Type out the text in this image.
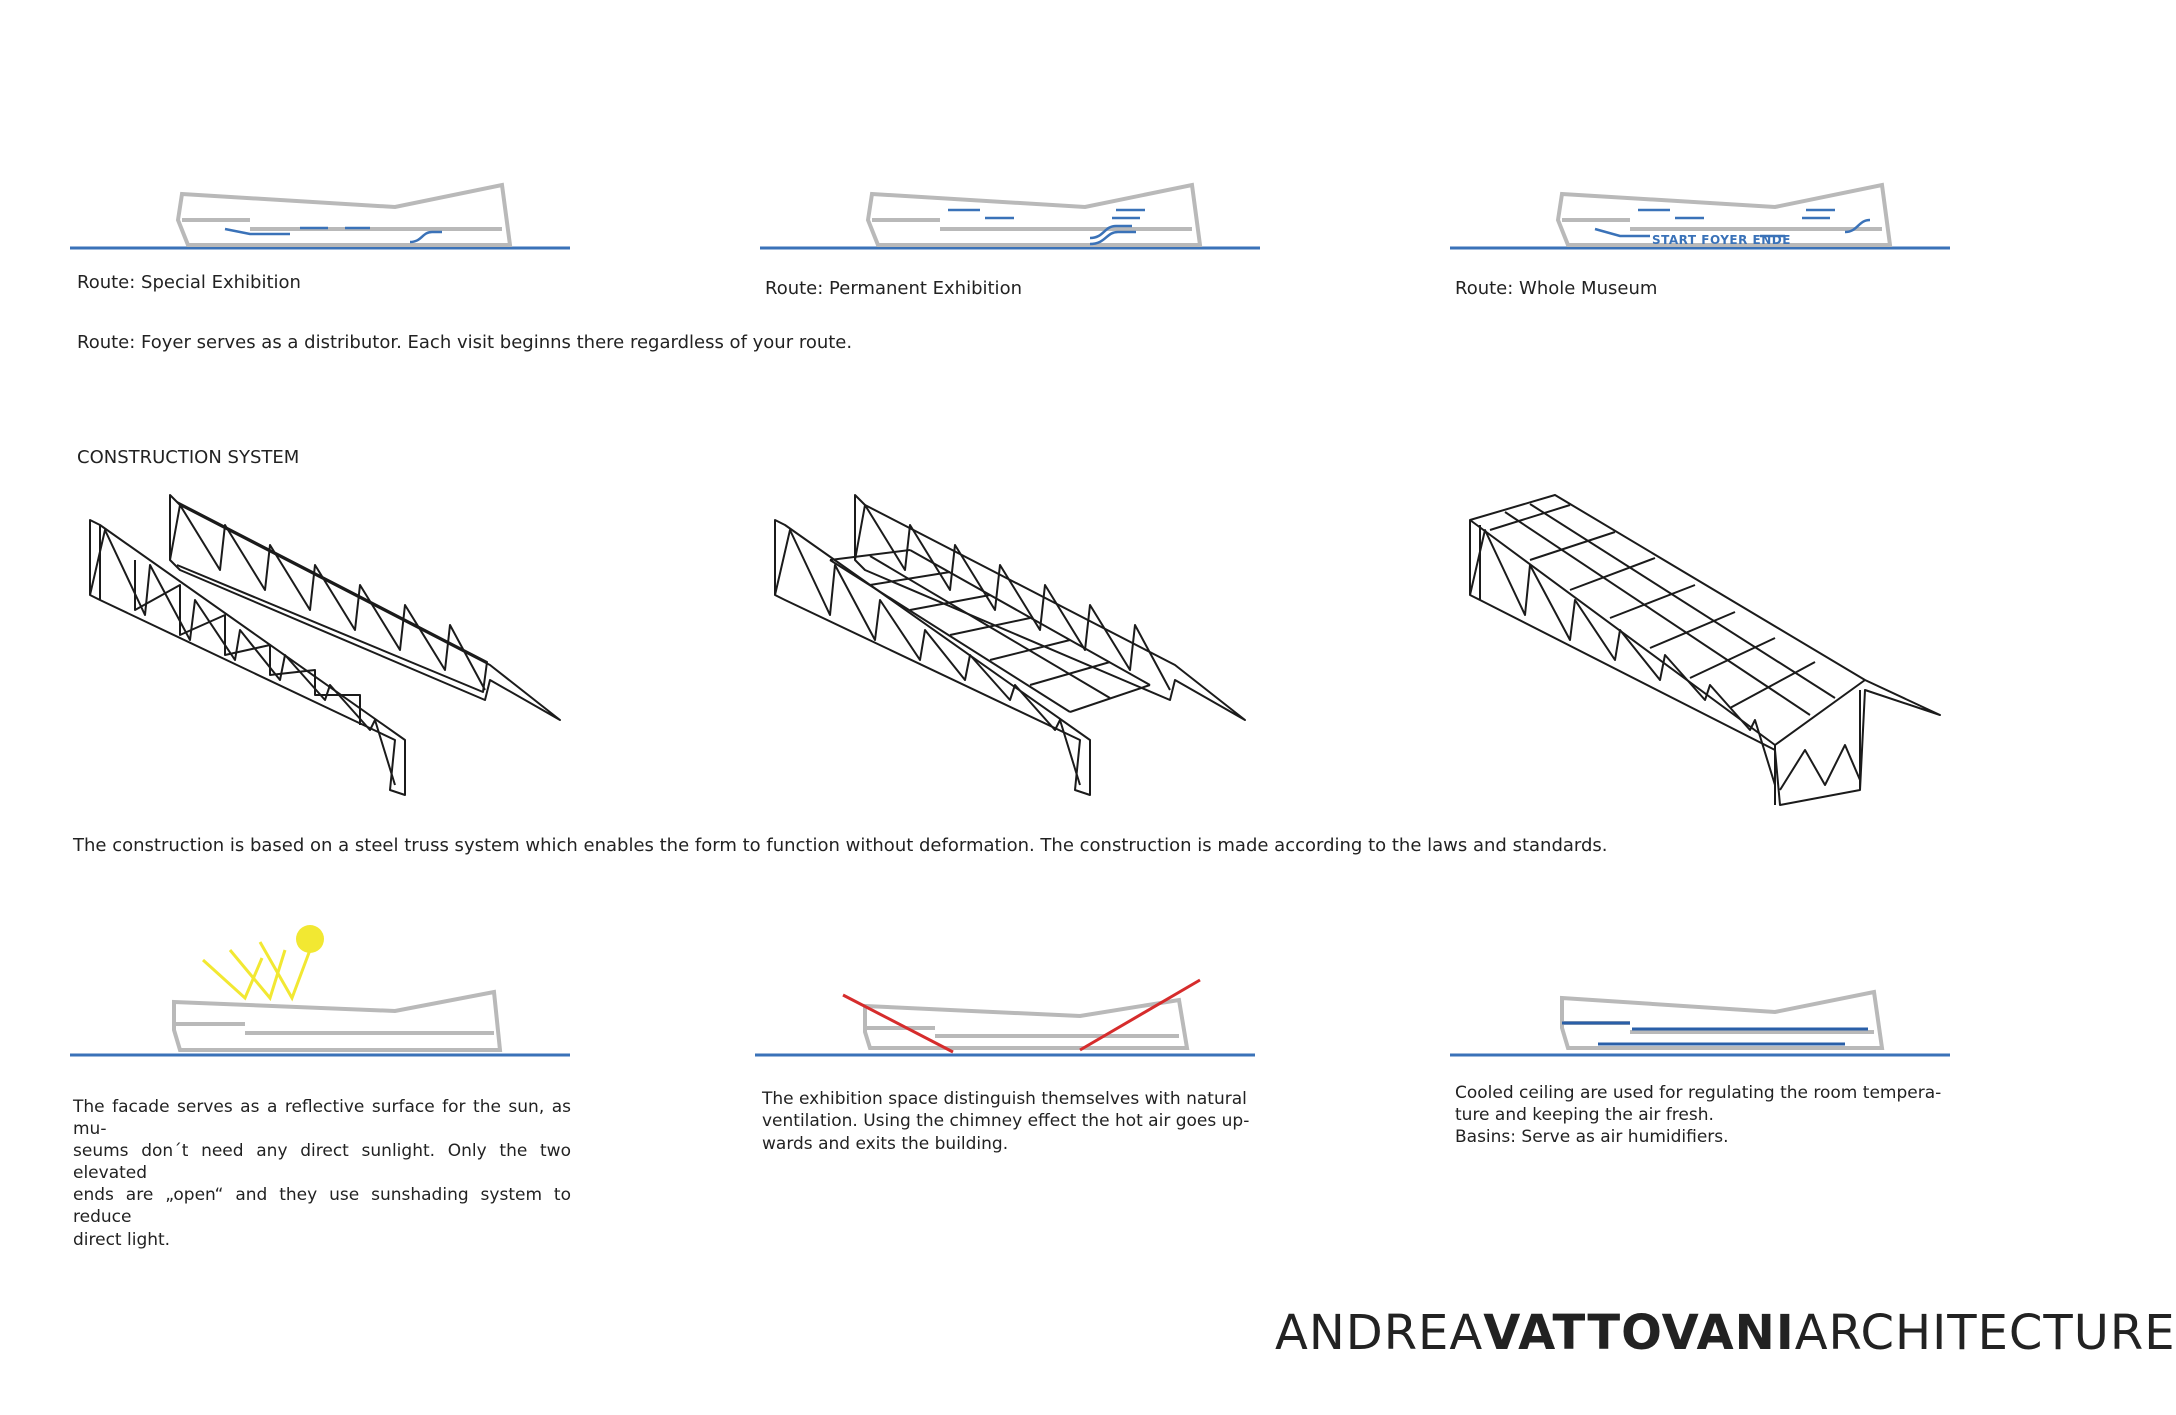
START FOYER ENDE
Route: Special Exhibition	Route: Permanent Exhibition	Route: Whole Museum
Route: Foyer serves as a distributor. Each visit beginns there regardless of your route.
CONSTRUCTION SYSTEM
The construction is based on a steel truss system which enables the form to function without deformation. The construction is made according to the laws and standards.

The facade serves as a reflective surface for the sun, as mu-

seums don´t need any direct sunlight. Only the two elevated

ends are „open“ and they use sunshading system to reduce

direct light.

The exhibition space distinguish themselves with natural

ventilation. Using the chimney effect the hot air goes up-

wards and exits the building.

Cooled ceiling are used for regulating the room tempera-

ture and keeping the air fresh.

Basins: Serve as air humidifiers.

ANDREAVATTOVANIARCHITECTURE
